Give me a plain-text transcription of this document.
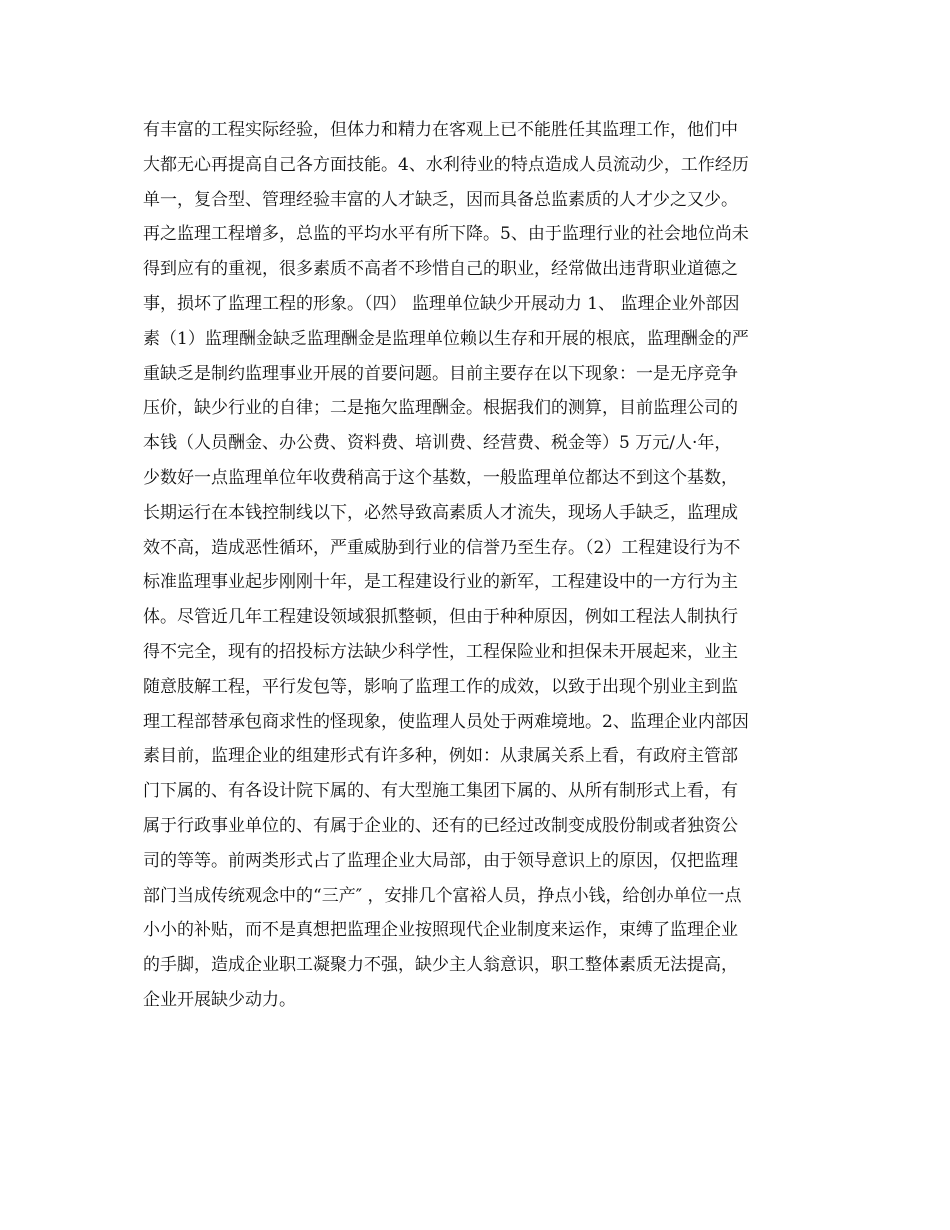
有丰富的工程实际经验，但体力和精力在客观上已不能胜任其监理工作，他们中
大都无心再提高自己各方面技能。4、水利待业的特点造成人员流动少，工作经历
单一，复合型、管理经验丰富的人才缺乏，因而具备总监素质的人才少之又少。
再之监理工程增多，总监的平均水平有所下降。5、由于监理行业的社会地位尚未
得到应有的重视，很多素质不高者不珍惜自己的职业，经常做出违背职业道德之
事，损坏了监理工程的形象。（四） 监理单位缺少开展动力 1、 监理企业外部因
素（1）监理酬金缺乏监理酬金是监理单位赖以生存和开展的根底，监理酬金的严
重缺乏是制约监理事业开展的首要问题。目前主要存在以下现象：一是无序竞争
压价，缺少行业的自律；二是拖欠监理酬金。根据我们的测算，目前监理公司的
本钱（人员酬金、办公费、资料费、培训费、经营费、税金等）5 万元/人·年，
少数好一点监理单位年收费稍高于这个基数，一般监理单位都达不到这个基数，
长期运行在本钱控制线以下，必然导致高素质人才流失，现场人手缺乏，监理成
效不高，造成恶性循环，严重威胁到行业的信誉乃至生存。（2）工程建设行为不
标准监理事业起步刚刚十年，是工程建设行业的新军，工程建设中的一方行为主
体。尽管近几年工程建设领域狠抓整顿，但由于种种原因，例如工程法人制执行
得不完全，现有的招投标方法缺少科学性，工程保险业和担保未开展起来，业主
随意肢解工程，平行发包等，影响了监理工作的成效，以致于出现个别业主到监
理工程部替承包商求性的怪现象，使监理人员处于两难境地。2、监理企业内部因
素目前，监理企业的组建形式有许多种，例如：从隶属关系上看，有政府主管部
门下属的、有各设计院下属的、有大型施工集团下属的、从所有制形式上看，有
属于行政事业单位的、有属于企业的、还有的已经过改制变成股份制或者独资公
司的等等。前两类形式占了监理企业大局部，由于领导意识上的原因，仅把监理
部门当成传统观念中的“三产″ ，安排几个富裕人员，挣点小钱，给创办单位一点
小小的补贴，而不是真想把监理企业按照现代企业制度来运作，束缚了监理企业
的手脚，造成企业职工凝聚力不强，缺少主人翁意识，职工整体素质无法提高，
企业开展缺少动力。
